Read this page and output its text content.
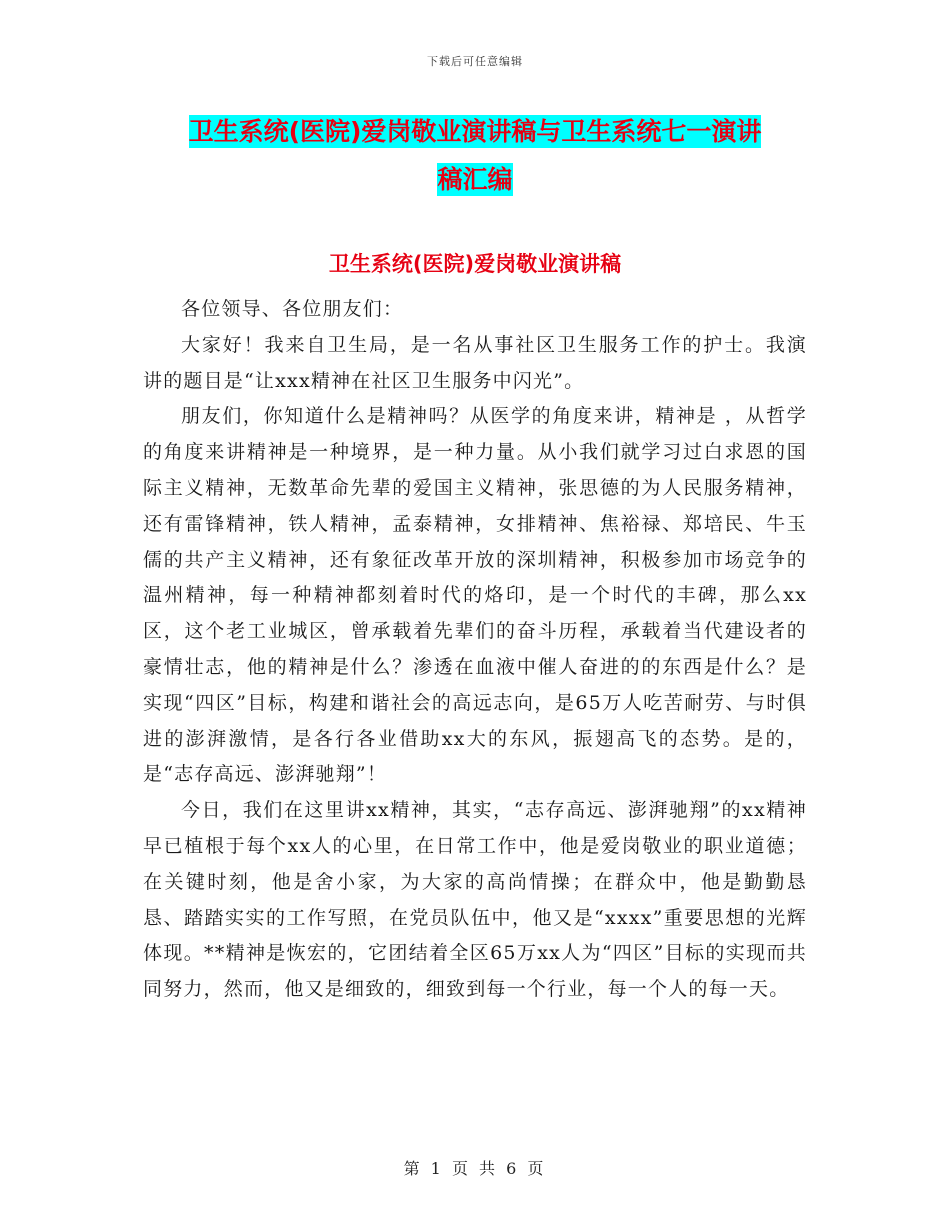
下载后可任意编辑
卫生系统(医院)爱岗敬业演讲稿与卫生系统七一演讲
稿汇编
卫生系统(医院)爱岗敬业演讲稿

各位领导、各位朋友们：

大家好！我来自卫生局，是一名从事社区卫生服务工作的护士。我演讲的题目是“让xxx精神在社区卫生服务中闪光”。

朋友们，你知道什么是精神吗？从医学的角度来讲，精神是 ，从哲学的角度来讲精神是一种境界，是一种力量。从小我们就学习过白求恩的国际主义精神，无数革命先辈的爱国主义精神，张思德的为人民服务精神，还有雷锋精神，铁人精神，孟泰精神，女排精神、焦裕禄、郑培民、牛玉儒的共产主义精神，还有象征改革开放的深圳精神，积极参加市场竞争的温州精神，每一种精神都刻着时代的烙印，是一个时代的丰碑，那么xx区，这个老工业城区，曾承载着先辈们的奋斗历程，承载着当代建设者的豪情壮志，他的精神是什么？渗透在血液中催人奋进的的东西是什么？是实现“四区”目标，构建和谐社会的高远志向，是65万人吃苦耐劳、与时俱进的澎湃激情，是各行各业借助xx大的东风，振翅高飞的态势。是的，是“志存高远、澎湃驰翔”！

今日，我们在这里讲xx精神，其实，“志存高远、澎湃驰翔”的xx精神早已植根于每个xx人的心里，在日常工作中，他是爱岗敬业的职业道德；在关键时刻，他是舍小家，为大家的高尚情操；在群众中，他是勤勤恳恳、踏踏实实的工作写照，在党员队伍中，他又是“xxxx”重要思想的光辉体现。**精神是恢宏的，它团结着全区65万xx人为“四区”目标的实现而共同努力，然而，他又是细致的，细致到每一个行业，每一个人的每一天。

第 1 页 共 6 页
